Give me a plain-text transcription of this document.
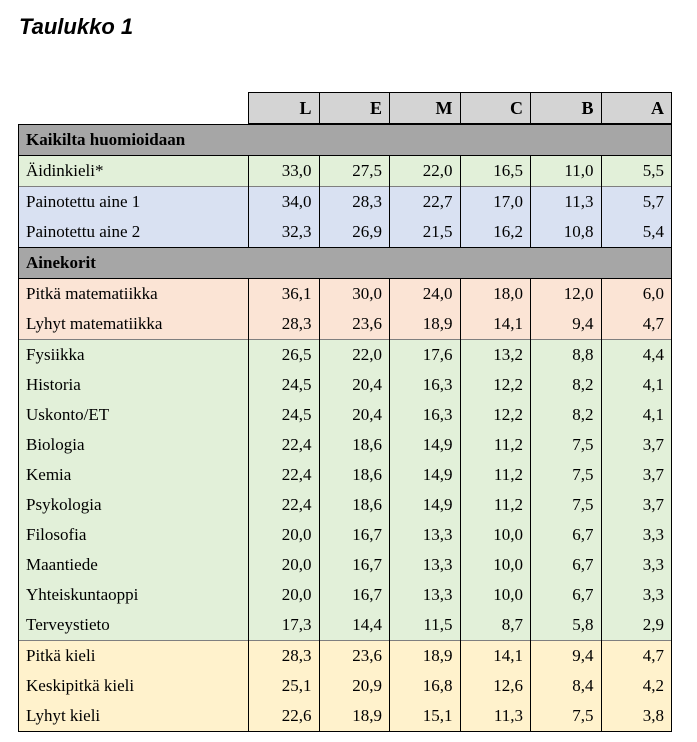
Taulukko 1
	L	E	M	C	B	A
Kaikilta huomioidaan						
Äidinkieli*	33,0	27,5	22,0	16,5	11,0	5,5
Painotettu aine 1	34,0	28,3	22,7	17,0	11,3	5,7
Painotettu aine 2	32,3	26,9	21,5	16,2	10,8	5,4
Ainekorit						
Pitkä matematiikka	36,1	30,0	24,0	18,0	12,0	6,0
Lyhyt matematiikka	28,3	23,6	18,9	14,1	9,4	4,7
Fysiikka	26,5	22,0	17,6	13,2	8,8	4,4
Historia	24,5	20,4	16,3	12,2	8,2	4,1
Uskonto/ET	24,5	20,4	16,3	12,2	8,2	4,1
Biologia	22,4	18,6	14,9	11,2	7,5	3,7
Kemia	22,4	18,6	14,9	11,2	7,5	3,7
Psykologia	22,4	18,6	14,9	11,2	7,5	3,7
Filosofia	20,0	16,7	13,3	10,0	6,7	3,3
Maantiede	20,0	16,7	13,3	10,0	6,7	3,3
Yhteiskuntaoppi	20,0	16,7	13,3	10,0	6,7	3,3
Terveystieto	17,3	14,4	11,5	8,7	5,8	2,9
Pitkä kieli	28,3	23,6	18,9	14,1	9,4	4,7
Keskipitkä kieli	25,1	20,9	16,8	12,6	8,4	4,2
Lyhyt kieli	22,6	18,9	15,1	11,3	7,5	3,8
